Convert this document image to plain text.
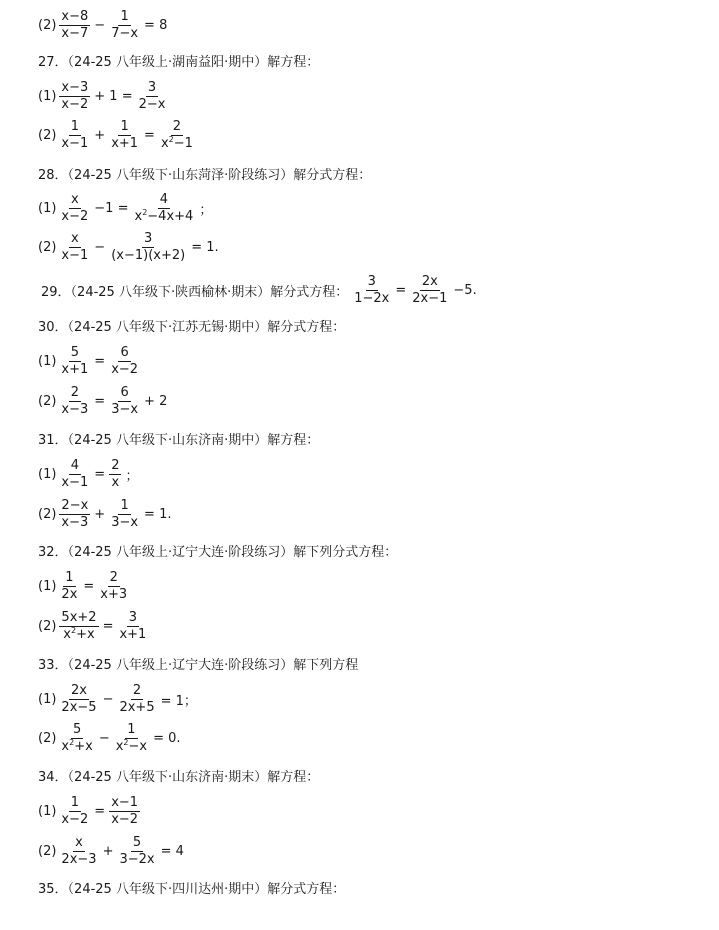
$(2) \frac{x-8}{x-7} - \frac{1}{7-x} = 8$
27．（24-25 八年级上·湖南益阳·期中）解方程：
$(1) \frac{x-3}{x-2} + 1 = \frac{3}{2-x}$
$(2) \frac{1}{x-1} + \frac{1}{x+1} = \frac{2}{x^2-1}$
28．（24-25 八年级下·山东菏泽·阶段练习）解分式方程：
$(1) \frac{x}{x-2} -1 = \frac{4}{x^2-4x+4}$ ；
$(2) \frac{x}{x-1} - \frac{3}{(x-1)(x+2)} = 1$.
29．（24-25 八年级下·陕西榆林·期末）解分式方程： $\frac{3}{1-2x} = \frac{2x}{2x-1} -5$.
30．（24-25 八年级下·江苏无锡·期中）解分式方程：
$(1) \frac{5}{x+1} = \frac{6}{x-2}$
$(2) \frac{2}{x-3} = \frac{6}{3-x} + 2$
31．（24-25 八年级下·山东济南·期中）解方程：
$(1) \frac{4}{x-1} = \frac{2}{x}$ ；
$(2) \frac{2-x}{x-3} + \frac{1}{3-x} = 1$.
32．（24-25 八年级上·辽宁大连·阶段练习）解下列分式方程：
$(1) \frac{1}{2x} = \frac{2}{x+3}$
$(2) \frac{5x+2}{x^2+x} = \frac{3}{x+1}$
33．（24-25 八年级上·辽宁大连·阶段练习）解下列方程
$(1) \frac{2x}{2x-5} - \frac{2}{2x+5} = 1$；
$(2) \frac{5}{x^2+x} - \frac{1}{x^2-x} = 0$.
34．（24-25 八年级下·山东济南·期末）解方程：
$(1) \frac{1}{x-2} = \frac{x-1}{x-2}$
$(2) \frac{x}{2x-3} + \frac{5}{3-2x} = 4$
35．（24-25 八年级下·四川达州·期中）解分式方程：
